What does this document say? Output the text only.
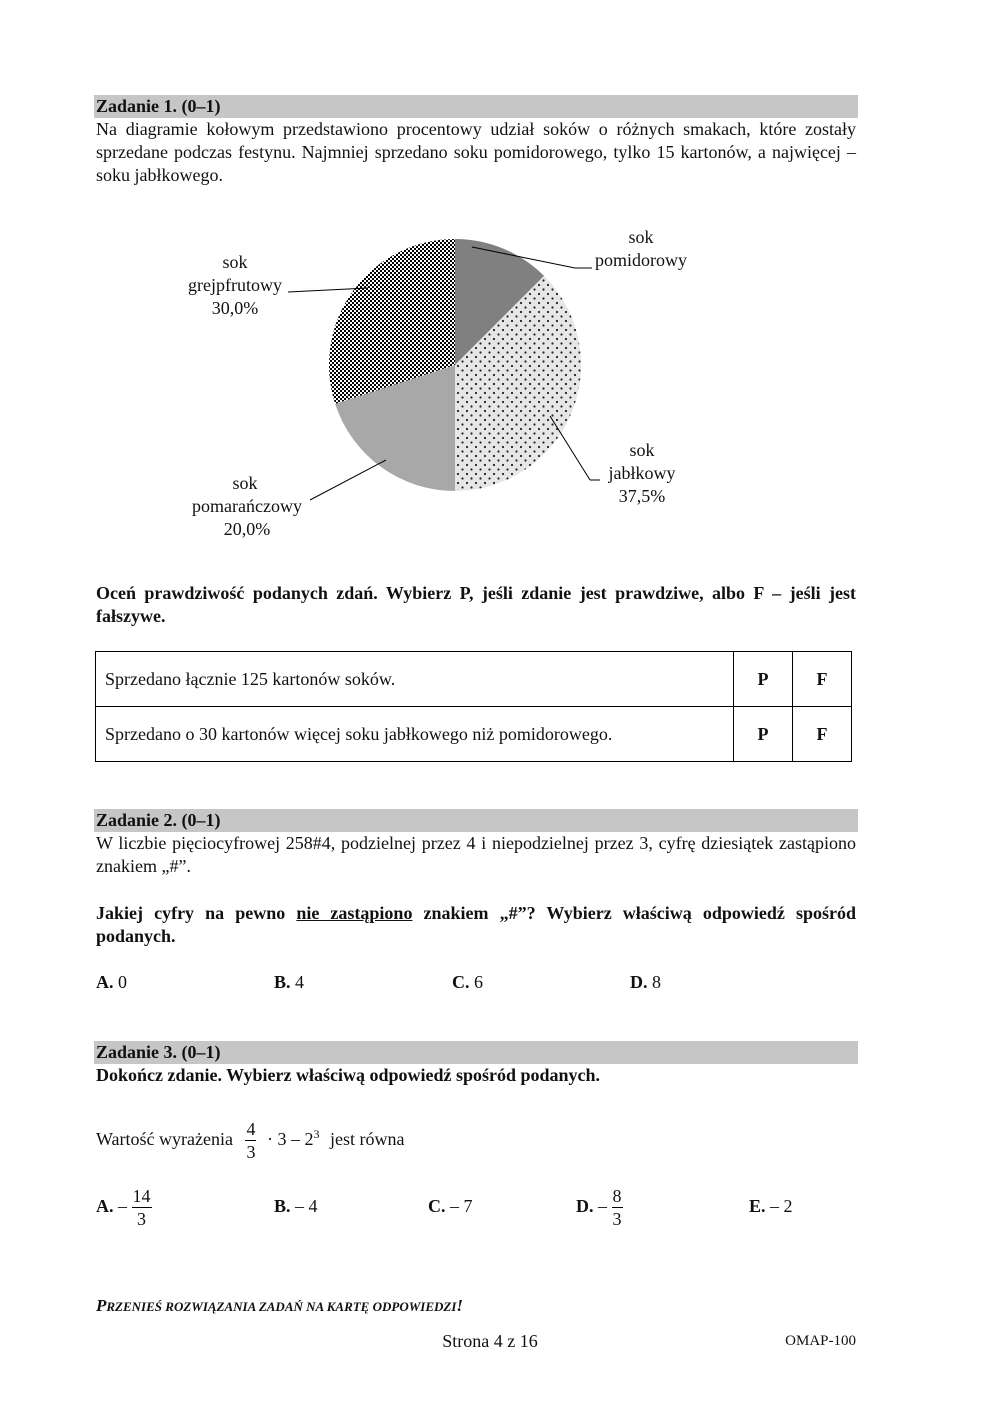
Zadanie 1. (0–1)
Na diagramie kołowym przedstawiono procentowy udział soków o różnych smakach, które zostały sprzedane podczas festynu. Najmniej sprzedano soku pomidorowego, tylko 15 kartonów, a najwięcej – soku jabłkowego.
sok
pomidorowy
sok
jabłkowy
37,5%
sok
pomarańczowy
20,0%
sok
grejpfrutowy
30,0%
Oceń prawdziwość podanych zdań. Wybierz P, jeśli zdanie jest prawdziwe, albo F – jeśli jest fałszywe.
Sprzedano łącznie 125 kartonów soków.	P	F
Sprzedano o 30 kartonów więcej soku jabłkowego niż pomidorowego.	P	F
Zadanie 2. (0–1)
W liczbie pięciocyfrowej 258#4, podzielnej przez 4 i niepodzielnej przez 3, cyfrę dziesiątek zastąpiono znakiem „#”.
Jakiej cyfry na pewno nie zastąpiono znakiem „#”? Wybierz właściwą odpowiedź spośród podanych.
A. 0	B. 4	C. 6	D. 8
Zadanie 3. (0–1)
Dokończ zdanie. Wybierz właściwą odpowiedź spośród podanych.
Wartość wyrażenia $\frac{4}{3} \cdot 3 - 2^3$ jest równa
A. – $\frac{14}{3}$	B. – 4	C. – 7	D. – $\frac{8}{3}$	E. – 2
PRZENIEŚ ROZWIĄZANIA ZADAŃ NA KARTĘ ODPOWIEDZI!
Strona 4 z 16	OMAP-100
